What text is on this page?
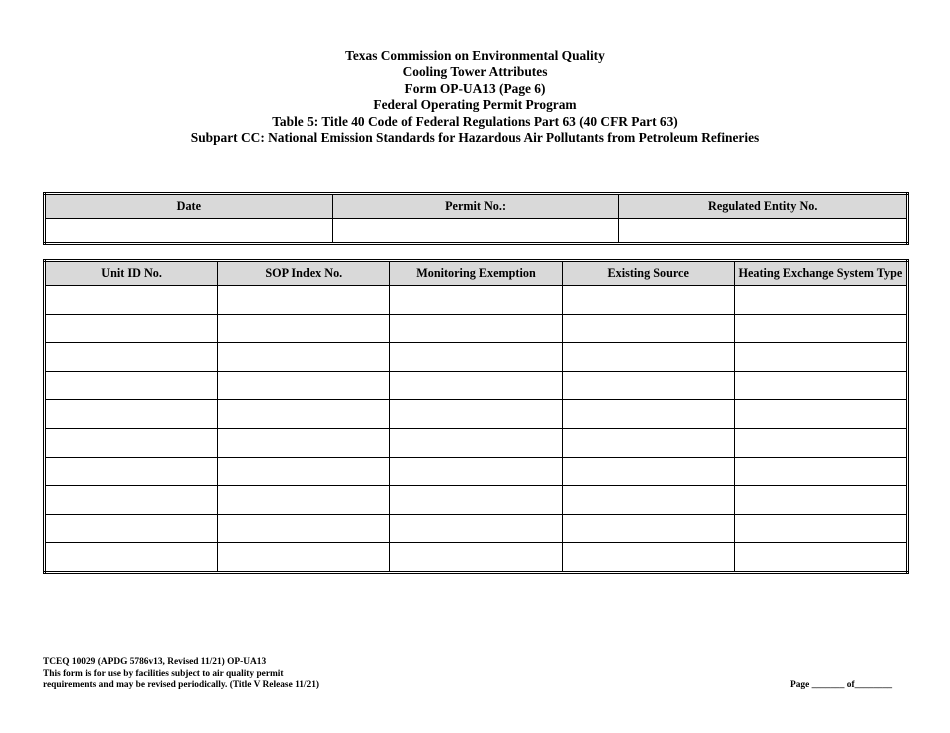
Texas Commission on Environmental Quality
Cooling Tower Attributes
Form OP-UA13 (Page 6)
Federal Operating Permit Program
Table 5: Title 40 Code of Federal Regulations Part 63 (40 CFR Part 63)
Subpart CC: National Emission Standards for Hazardous Air Pollutants from Petroleum Refineries
Date	Permit No.:	Regulated Entity No.

Unit ID No.	SOP Index No.	Monitoring Exemption	Existing Source	Heating Exchange System Type

TCEQ 10029 (APDG 5786v13, Revised 11/21) OP-UA13
This form is for use by facilities subject to air quality permit
requirements and may be revised periodically. (Title V Release 11/21)	Page _______ of________
